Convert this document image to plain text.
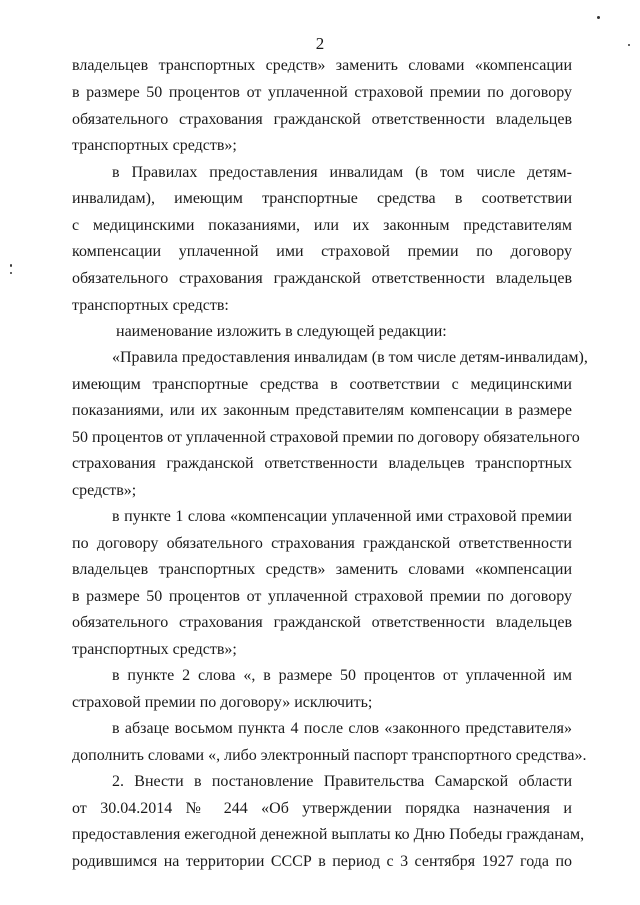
2
владельцев транспортных средств» заменить словами «компенсации
в размере 50 процентов от уплаченной страховой премии по договору
обязательного страхования гражданской ответственности владельцев
транспортных средств»;
в Правилах предоставления инвалидам (в том числе детям-
инвалидам), имеющим транспортные средства в соответствии
с медицинскими показаниями, или их законным представителям
компенсации уплаченной ими страховой премии по договору
обязательного страхования гражданской ответственности владельцев
транспортных средств:
наименование изложить в следующей редакции:
«Правила предоставления инвалидам (в том числе детям-инвалидам),
имеющим транспортные средства в соответствии с медицинскими
показаниями, или их законным представителям компенсации в размере
50 процентов от уплаченной страховой премии по договору обязательного
страхования гражданской ответственности владельцев транспортных
средств»;
в пункте 1 слова «компенсации уплаченной ими страховой премии
по договору обязательного страхования гражданской ответственности
владельцев транспортных средств» заменить словами «компенсации
в размере 50 процентов от уплаченной страховой премии по договору
обязательного страхования гражданской ответственности владельцев
транспортных средств»;
в пункте 2 слова «, в размере 50 процентов от уплаченной им
страховой премии по договору» исключить;
в абзаце восьмом пункта 4 после слов «законного представителя»
дополнить словами «, либо электронный паспорт транспортного средства».
2. Внести в постановление Правительства Самарской области
от 30.04.2014 № 244 «Об утверждении порядка назначения и
предоставления ежегодной денежной выплаты ко Дню Победы гражданам,
родившимся на территории СССР в период с 3 сентября 1927 года по
